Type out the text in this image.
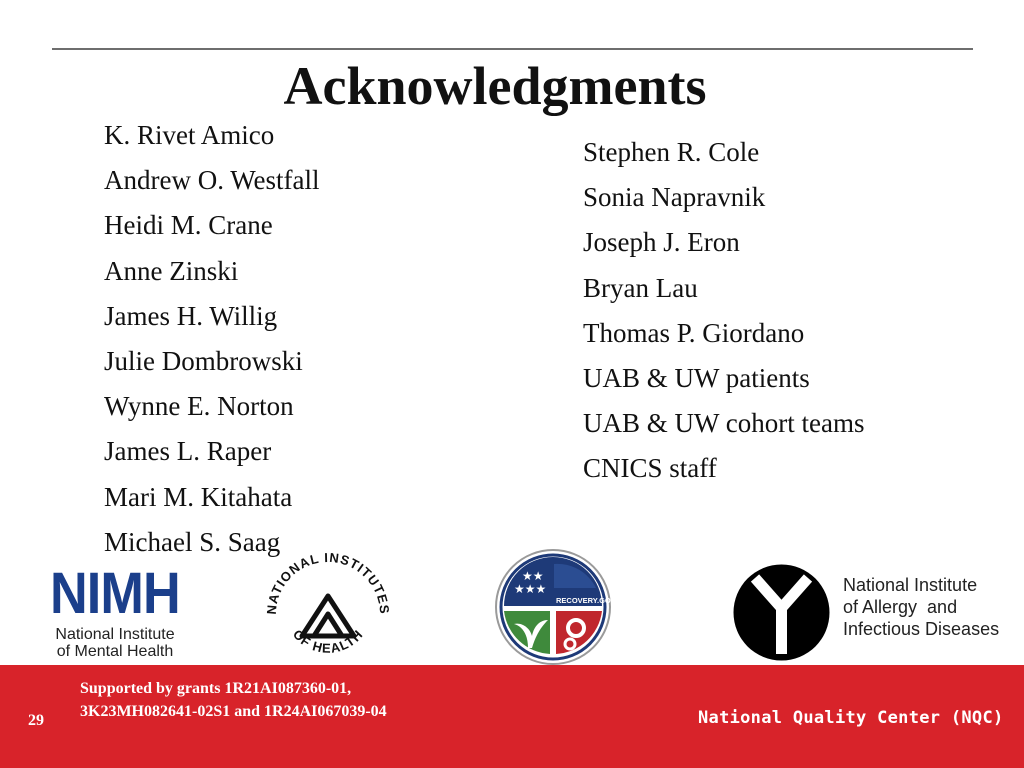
Acknowledgments
K. Rivet Amico
Andrew O. Westfall
Heidi M. Crane
Anne Zinski
James H. Willig
Julie Dombrowski
Wynne E. Norton
James L. Raper
Mari M. Kitahata
Michael S. Saag
Stephen R. Cole
Sonia Napravnik
Joseph J. Eron
Bryan Lau
Thomas P. Giordano
UAB & UW patients
UAB & UW cohort teams
CNICS staff
NIMH
National Institute
of Mental Health
NATIONAL INSTITUTES
OF HEALTH
★★★
★★
RECOVERY.GOV
National Institute
of Allergy  and
Infectious Diseases
29
Supported by grants 1R21AI087360-01,
3K23MH082641-02S1 and 1R24AI067039-04	National Quality Center (NQC)
